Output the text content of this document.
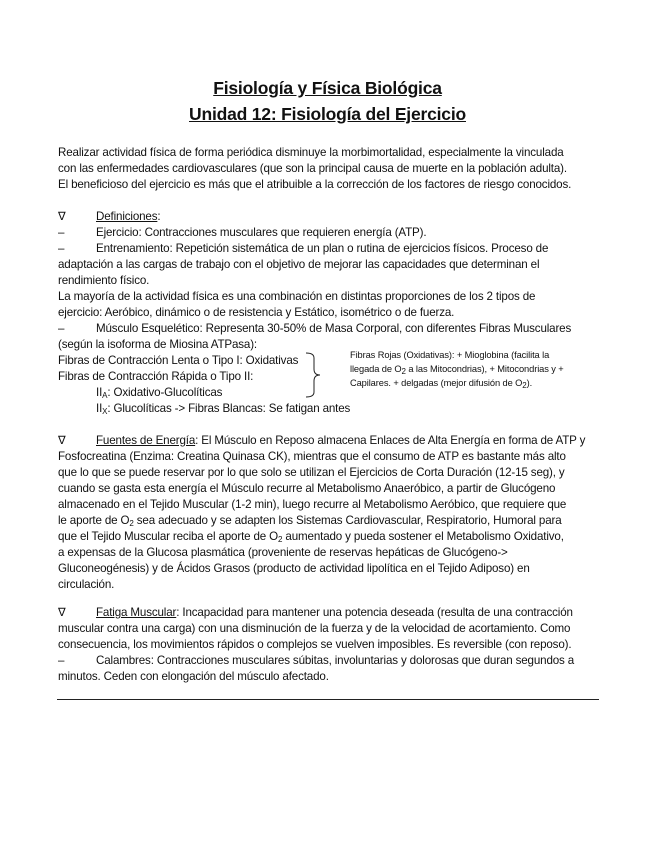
Fisiología y Física Biológica
Unidad 12: Fisiología del Ejercicio
Realizar actividad física de forma periódica disminuye la morbimortalidad, especialmente la vinculada
con las enfermedades cardiovasculares (que son la principal causa de muerte en la población adulta).
El beneficioso del ejercicio es más que el atribuible a la corrección de los factores de riesgo conocidos.
∇	Definiciones:
–	Ejercicio: Contracciones musculares que requieren energía (ATP).
–	Entrenamiento: Repetición sistemática de un plan o rutina de ejercicios físicos. Proceso de
adaptación a las cargas de trabajo con el objetivo de mejorar las capacidades que determinan el
rendimiento físico.
La mayoría de la actividad física es una combinación en distintas proporciones de los 2 tipos de
ejercicio: Aeróbico, dinámico o de resistencia y Estático, isométrico o de fuerza.
–	Músculo Esquelético: Representa 30-50% de Masa Corporal, con diferentes Fibras Musculares
(según la isoforma de Miosina ATPasa):
Fibras de Contracción Lenta o Tipo I: Oxidativas
Fibras de Contracción Rápida o Tipo II:
$II_A$: Oxidativo-Glucolíticas
$II_X$: Glucolíticas -> Fibras Blancas: Se fatigan antes
Fibras Rojas (Oxidativas): + Mioglobina (facilita la
llegada de $O_2$ a las Mitocondrias), + Mitocondrias y +
Capilares. + delgadas (mejor difusión de $O_2$).
∇	Fuentes de Energía: El Músculo en Reposo almacena Enlaces de Alta Energía en forma de ATP y
Fosfocreatina (Enzima: Creatina Quinasa CK), mientras que el consumo de ATP es bastante más alto
que lo que se puede reservar por lo que solo se utilizan el Ejercicios de Corta Duración (12-15 seg), y
cuando se gasta esta energía el Músculo recurre al Metabolismo Anaeróbico, a partir de Glucógeno
almacenado en el Tejido Muscular (1-2 min), luego recurre al Metabolismo Aeróbico, que requiere que
le aporte de $O_2$ sea adecuado y se adapten los Sistemas Cardiovascular, Respiratorio, Humoral para
que el Tejido Muscular reciba el aporte de $O_2$ aumentado y pueda sostener el Metabolismo Oxidativo,
a expensas de la Glucosa plasmática (proveniente de reservas hepáticas de Glucógeno->
Gluconeogénesis) y de Ácidos Grasos (producto de actividad lipolítica en el Tejido Adiposo) en
circulación.
∇	Fatiga Muscular: Incapacidad para mantener una potencia deseada (resulta de una contracción
muscular contra una carga) con una disminución de la fuerza y de la velocidad de acortamiento. Como
consecuencia, los movimientos rápidos o complejos se vuelven imposibles. Es reversible (con reposo).
–	Calambres: Contracciones musculares súbitas, involuntarias y dolorosas que duran segundos a
minutos. Ceden con elongación del músculo afectado.
